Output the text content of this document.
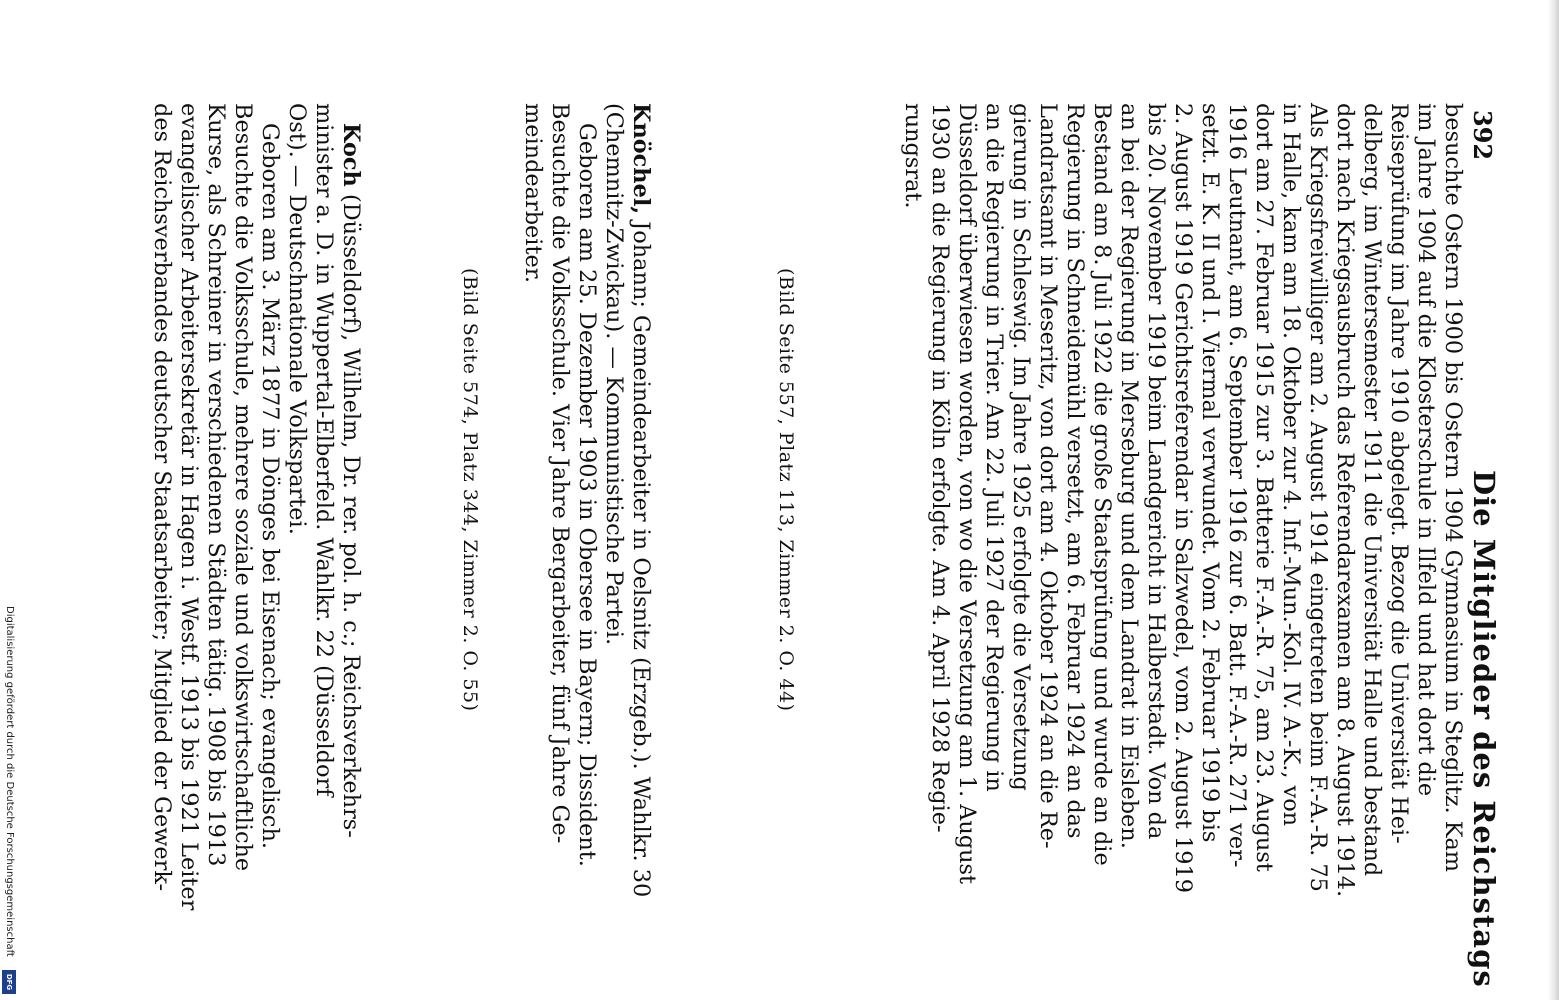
392
Die Mitglieder des Reichstags
besuchte Ostern 1900 bis Ostern 1904 Gymnasium in Steglitz. Kam
im Jahre 1904 auf die Klosterschule in Ilfeld und hat dort die
Reiseprüfung im Jahre 1910 abgelegt. Bezog die Universität Hei-
delberg, im Wintersemester 1911 die Universität Halle und bestand
dort nach Kriegsausbruch das Referendarexamen am 8. August 1914.
Als Kriegsfreiwilliger am 2. August 1914 eingetreten beim F.-A.-R. 75
in Halle, kam am 18. Oktober zur 4. Inf.-Mun.-Kol. IV. A.-K., von
dort am 27. Februar 1915 zur 3. Batterie F.-A.-R. 75, am 23. August
1916 Leutnant, am 6. September 1916 zur 6. Batt. F.-A.-R. 271 ver-
setzt. E. K. II und I. Viermal verwundet. Vom 2. Februar 1919 bis
2. August 1919 Gerichtsreferendar in Salzwedel, vom 2. August 1919
bis 20. November 1919 beim Landgericht in Halberstadt. Von da
an bei der Regierung in Merseburg und dem Landrat in Eisleben.
Bestand am 8. Juli 1922 die große Staatsprüfung und wurde an die
Regierung in Schneidemühl versetzt, am 6. Februar 1924 an das
Landratsamt in Meseritz, von dort am 4. Oktober 1924 an die Re-
gierung in Schleswig. Im Jahre 1925 erfolgte die Versetzung
an die Regierung in Trier. Am 22. Juli 1927 der Regierung in
Düsseldorf überwiesen worden, von wo die Versetzung am 1. August
1930 an die Regierung in Köln erfolgte. Am 4. April 1928 Regie-
rungsrat.
(Bild Seite 557, Platz 113, Zimmer 2. O. 44)
Knöchel, Johann; Gemeindearbeiter in Oelsnitz (Erzgeb.). Wahlkr. 30
(Chemnitz-Zwickau). — Kommunistische Partei.
Geboren am 25. Dezember 1903 in Obersee in Bayern; Dissident.
Besuchte die Volksschule. Vier Jahre Bergarbeiter, fünf Jahre Ge-
meindearbeiter.
(Bild Seite 574, Platz 344, Zimmer 2. O. 55)
Koch (Düsseldorf), Wilhelm, Dr. rer. pol. h. c.; Reichsverkehrs-
minister a. D. in Wuppertal-Elberfeld. Wahlkr. 22 (Düsseldorf
Ost). — Deutschnationale Volkspartei.
Geboren am 3. März 1877 in Dönges bei Eisenach; evangelisch.
Besuchte die Volksschule, mehrere soziale und volkswirtschaftliche
Kurse, als Schreiner in verschiedenen Städten tätig. 1908 bis 1913
evangelischer Arbeitersekretär in Hagen i. Westf. 1913 bis 1921 Leiter
des Reichsverbandes deutscher Staatsarbeiter; Mitglied der Gewerk-
Digitalisierung gefördert durch die Deutsche Forschungsgemeinschaft
DFG
